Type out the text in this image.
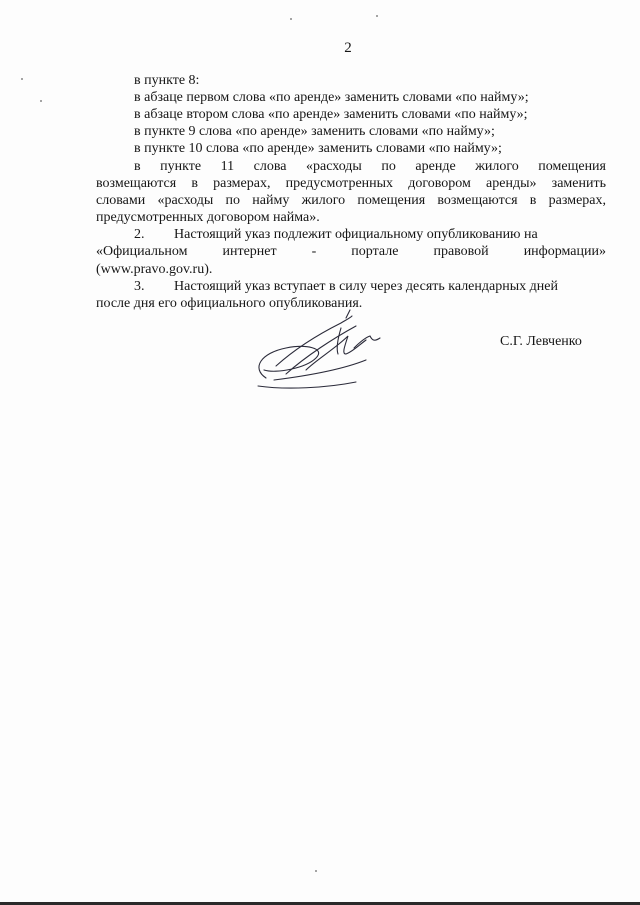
2
в пункте 8:
в абзаце первом слова «по аренде» заменить словами «по найму»;
в абзаце втором слова «по аренде» заменить словами «по найму»;
в пункте 9 слова «по аренде» заменить словами «по найму»;
в пункте 10 слова «по аренде» заменить словами «по найму»;
в пункте 11 слова «расходы по аренде жилого помещения
возмещаются в размерах, предусмотренных договором аренды» заменить
словами «расходы по найму жилого помещения возмещаются в размерах,
предусмотренных договором найма».
2. Настоящий указ подлежит официальному опубликованию на
«Официальном интернет - портале правовой информации»
(www.pravo.gov.ru).
3. Настоящий указ вступает в силу через десять календарных дней
после дня его официального опубликования.
С.Г. Левченко
